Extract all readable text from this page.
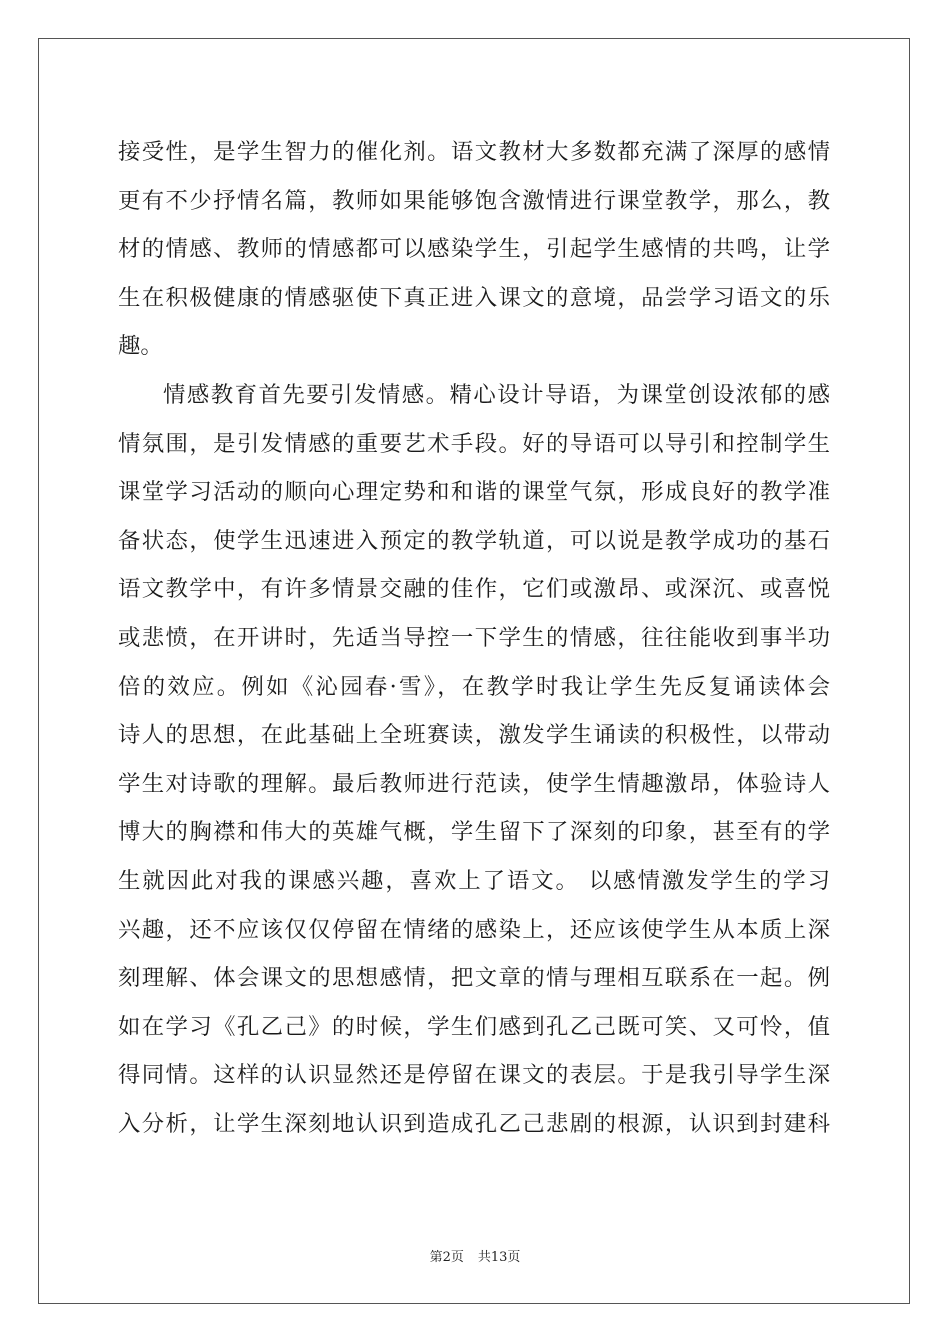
接受性，是学生智力的催化剂。语文教材大多数都充满了深厚的感情
更有不少抒情名篇，教师如果能够饱含激情进行课堂教学，那么，教
材的情感、教师的情感都可以感染学生，引起学生感情的共鸣，让学
生在积极健康的情感驱使下真正进入课文的意境，品尝学习语文的乐
趣。
情感教育首先要引发情感。精心设计导语，为课堂创设浓郁的感
情氛围，是引发情感的重要艺术手段。好的导语可以导引和控制学生
课堂学习活动的顺向心理定势和和谐的课堂气氛，形成良好的教学准
备状态，使学生迅速进入预定的教学轨道，可以说是教学成功的基石
语文教学中，有许多情景交融的佳作，它们或激昂、或深沉、或喜悦
或悲愤，在开讲时，先适当导控一下学生的情感，往往能收到事半功
倍的效应。例如《沁园春·雪》，在教学时我让学生先反复诵读体会
诗人的思想，在此基础上全班赛读，激发学生诵读的积极性，以带动
学生对诗歌的理解。最后教师进行范读，使学生情趣激昂，体验诗人
博大的胸襟和伟大的英雄气概，学生留下了深刻的印象，甚至有的学
生就因此对我的课感兴趣，喜欢上了语文。 以感情激发学生的学习
兴趣，还不应该仅仅停留在情绪的感染上，还应该使学生从本质上深
刻理解、体会课文的思想感情，把文章的情与理相互联系在一起。例
如在学习《孔乙己》的时候，学生们感到孔乙己既可笑、又可怜，值
得同情。这样的认识显然还是停留在课文的表层。于是我引导学生深
入分析，让学生深刻地认识到造成孔乙己悲剧的根源，认识到封建科
第2页 共13页
